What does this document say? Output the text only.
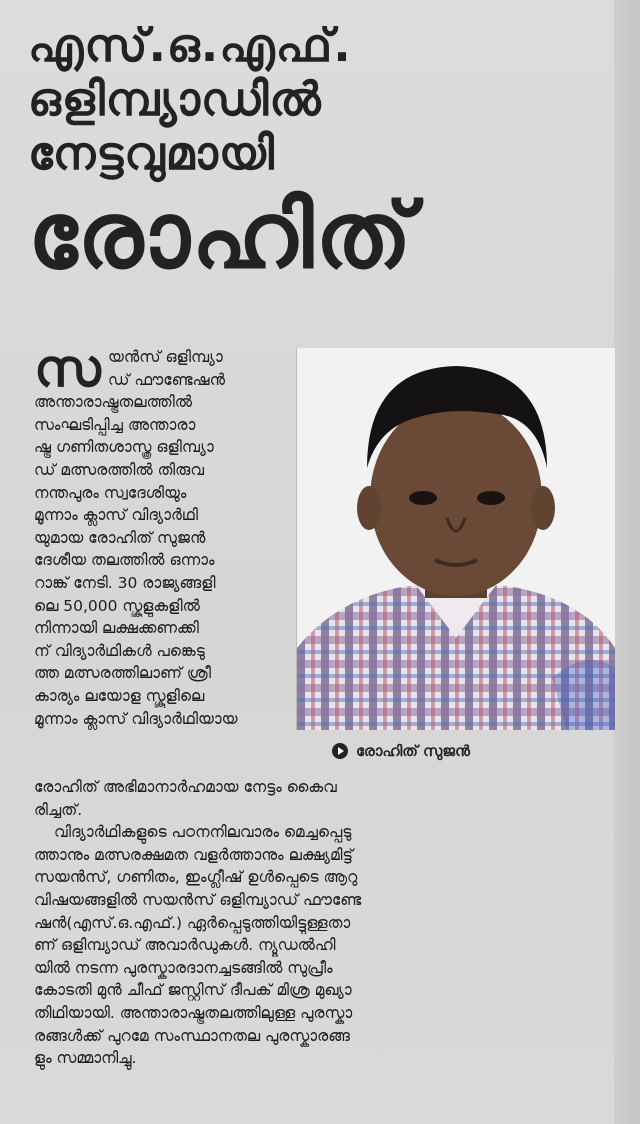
എസ്.ഒ.എഫ്.
ഒളിമ്പ്യാഡിൽ
നേട്ടവുമായി
രോഹിത്
സ യൻസ് ഒളിമ്പ്യാ
ഡ് ഫൗണ്ടേഷൻ
അന്താരാഷ്ട്രതലത്തിൽ
സംഘടിപ്പിച്ച അന്താരാ
ഷ്ട്ര ഗണിതശാസ്ത്ര ഒളിമ്പ്യാ
ഡ് മത്സരത്തിൽ തിരുവ
നന്തപുരം സ്വദേശിയും
മൂന്നാം ക്ലാസ് വിദ്യാർഥി
യുമായ രോഹിത് സുജൻ
ദേശീയ തലത്തിൽ ഒന്നാം
റാങ്ക് നേടി. 30 രാജ്യങ്ങളി
ലെ 50,000 സ്കൂളുകളിൽ
നിന്നായി ലക്ഷക്കണക്കി
ന് വിദ്യാർഥികൾ പങ്കെടു
ത്ത മത്സരത്തിലാണ് ശ്രീ
കാര്യം ലയോള സ്കൂളിലെ
മൂന്നാം ക്ലാസ് വിദ്യാർഥിയായ
രോഹിത് സുജൻ
രോഹിത് അഭിമാനാർഹമായ നേട്ടം കൈവ
രിച്ചത്.
വിദ്യാർഥികളുടെ പഠനനിലവാരം മെച്ചപ്പെടു
ത്താനും മത്സരക്ഷമത വളർത്താനും ലക്ഷ്യമിട്ട്
സയൻസ്, ഗണിതം, ഇംഗ്ലീഷ് ഉൾപ്പെടെ ആറു
വിഷയങ്ങളിൽ സയൻസ് ഒളിമ്പ്യാഡ് ഫൗണ്ടേ
ഷൻ(എസ്.ഒ.എഫ്.) ഏർപ്പെടുത്തിയിട്ടുള്ളതാ
ണ് ഒളിമ്പ്യാഡ് അവാർഡുകൾ. ന്യൂഡൽഹി
യിൽ നടന്ന പുരസ്കാരദാനച്ചടങ്ങിൽ സുപ്രീം
കോടതി മുൻ ചീഫ് ജസ്റ്റിസ് ദീപക് മിശ്ര മുഖ്യാ
തിഥിയായി. അന്താരാഷ്ട്രതലത്തിലുള്ള പുരസ്കാ
രങ്ങൾക്ക് പുറമേ സംസ്ഥാനതല പുരസ്കാരങ്ങ
ളും സമ്മാനിച്ചു.
